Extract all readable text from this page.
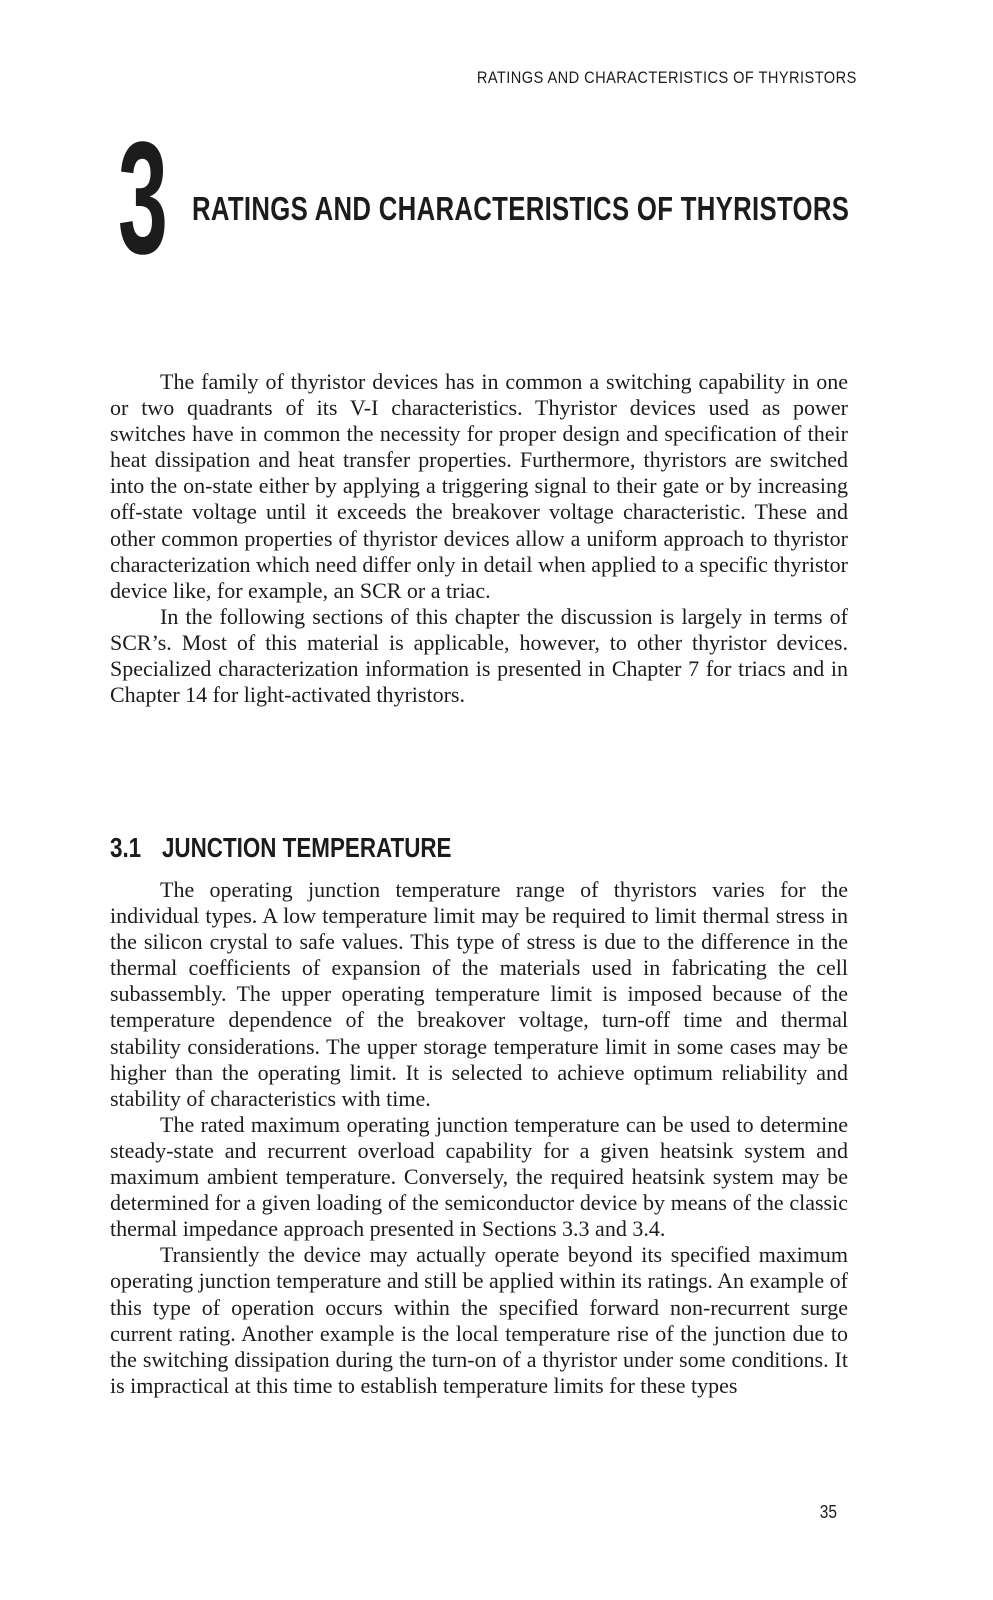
RATINGS AND CHARACTERISTICS OF THYRISTORS
3 RATINGS AND CHARACTERISTICS OF THYRISTORS

The family of thyristor devices has in common a switching capability in one or two quadrants of its V-I characteristics. Thyristor devices used as power switches have in common the necessity for proper design and specification of their heat dissipation and heat transfer properties. Furthermore, thyristors are switched into the on-state either by applying a triggering signal to their gate or by increasing off-state voltage until it exceeds the breakover voltage characteristic. These and other common properties of thyristor devices allow a uniform approach to thyristor characterization which need differ only in detail when applied to a specific thyristor device like, for example, an SCR or a triac.

In the following sections of this chapter the discussion is largely in terms of SCR’s. Most of this material is applicable, however, to other thyristor devices. Specialized characterization information is presented in Chapter 7 for triacs and in Chapter 14 for light-activated thyristors.

3.1 JUNCTION TEMPERATURE

The operating junction temperature range of thyristors varies for the individual types. A low temperature limit may be required to limit thermal stress in the silicon crystal to safe values. This type of stress is due to the difference in the thermal coefficients of expansion of the materials used in fabricating the cell subassembly. The upper operating temperature limit is imposed because of the temperature dependence of the breakover voltage, turn-off time and thermal stability considerations. The upper storage temperature limit in some cases may be higher than the operating limit. It is selected to achieve optimum reliability and stability of characteristics with time.

The rated maximum operating junction temperature can be used to determine steady-state and recurrent overload capability for a given heatsink system and maximum ambient temperature. Conversely, the required heatsink system may be determined for a given loading of the semiconductor device by means of the classic thermal impedance approach presented in Sections 3.3 and 3.4.

Transiently the device may actually operate beyond its specified maximum operating junction temperature and still be applied within its ratings. An example of this type of operation occurs within the specified forward non-recurrent surge current rating. Another example is the local temperature rise of the junction due to the switching dissipation during the turn-on of a thyristor under some conditions. It is impractical at this time to establish temperature limits for these types

35
